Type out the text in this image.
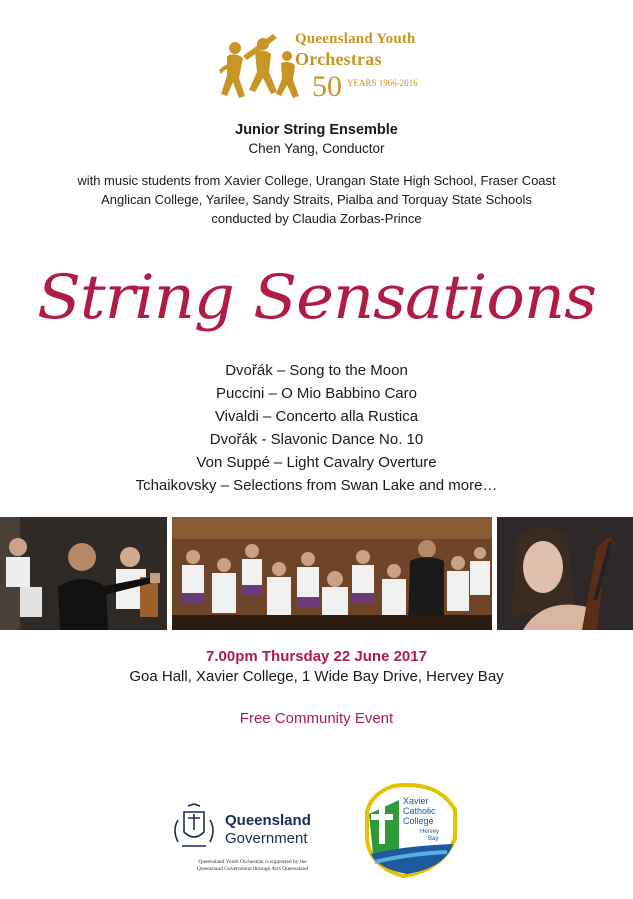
Queensland Youth
Orchestras
50 YEARS 1966-2016
Junior String Ensemble
Chen Yang, Conductor
with music students from Xavier College, Urangan State High School, Fraser Coast
Anglican College, Yarilee, Sandy Straits, Pialba and Torquay State Schools
conducted by Claudia Zorbas-Prince
String Sensations
Dvořák – Song to the Moon
Puccini – O Mio Babbino Caro
Vivaldi – Concerto alla Rustica
Dvořák - Slavonic Dance No. 10
Von Suppé – Light Cavalry Overture
Tchaikovsky – Selections from Swan Lake and more…
7.00pm Thursday 22 June 2017
Goa Hall, Xavier College, 1 Wide Bay Drive, Hervey Bay
Free Community Event
Queensland
Government
Queensland Youth Orchestras is supported by the
Queensland Government through Arts Queensland
Xavier
Catholic
College
Hervey
Bay
